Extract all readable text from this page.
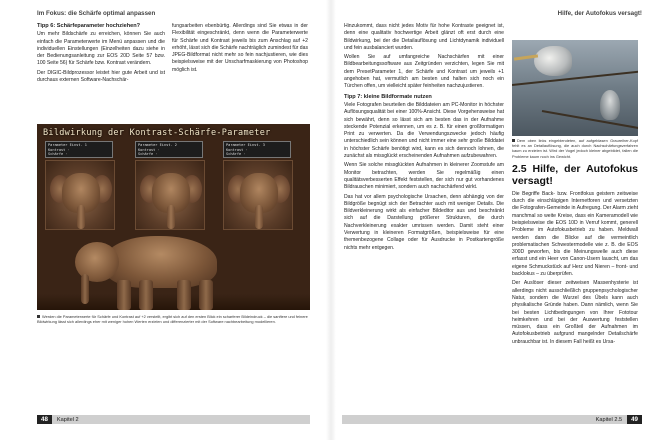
Im Fokus: die Schärfe optimal anpassen
Tipp 6: Schärfeparameter hochziehen?

Um mehr Bildschärfe zu erreichen, können Sie auch einfach die Parameterwerte im Menü anpassen und die individuellen Einstellungen (Einzelheiten dazu siehe in der Bedienungsanleitung zur EOS 20D Seite 57 bzw. 100 Seite 56) für Schärfe bzw. Kontrast verändern.

Der DIGIC-Bildprozessor leistet hier gute Arbeit und ist durchaus externen Software-Nachschär-

fungsarbeiten ebenbürtig. Allerdings sind Sie etwas in der Flexibilität eingeschränkt, denn wenn die Parameterwerte für Schärfe und Kontrast jeweils bis zum Anschlag auf +2 erhöht, lässt sich die Schärfe nachträglich zumindest für das JPEG-Bildformat nicht mehr so fein nachjustieren, wie dies beispielsweise mit der Unscharfmaskierung von Photoshop möglich ist.

Bildwirkung der Kontrast-Schärfe-Parameter
Parameter Einst. 1
Kontrast ·
Schärfe ·
Parameter Einst. 2
Kontrast ·
Schärfe ·
Parameter Einst. 3
Kontrast ·
Schärfe ·
Werden die Parameterwerte für Schärfe und Kontrast auf +2 verstellt, ergibt sich auf den ersten Blick ein scharferer Bildeindruck – die sanftere und feinere Bildwirkung lässt sich allerdings eher mit weniger hohen Werten erzielen und differenzierter mit der Software nachbearbeitung modellieren.
48	Kapitel 2
Hilfe, der Autofokus versagt!

Hinzukommt, dass nicht jedes Motiv für hohe Kontraste geeignet ist, denn eine qualitativ hochwertige Arbeit glänzt oft erst durch eine Bildwirkung, bei der die Detailauflösung und Lichtdynamik individuell und fein ausbalanciert wurden.

Wollen Sie auf umfangreiche Nachschärfen mit einer Bildbearbeitungssoftware aus Zeitgründen verzichten, legen Sie mit dem PresetParameter 1, der Schärfe und Kontrast um jeweils +1 angehoben hat, vermutlich am besten und halten sich noch ein Türchen offen, um vielleicht später feinheiten nachzujustieren.

Tipp 7: kleine Bildformate nutzen

Viele Fotografen beurteilen die Bilddateien am PC-Monitor in höchster Auflösungsqualität bei einer 100%-Ansicht. Diese Vorgehensweise hat sich bewährt, denn so lässt sich am besten das in der Aufnahme steckende Potenzial erkennen, um es z. B. für einen großformatigen Print zu verwerten. Da die Verwendungszwecke jedoch häufig unterschiedlich sein können und nicht immer eine sehr große Bilddatei in höchster Schärfe benötigt wird, kann es sich dennoch lohnen, die zunächst als missglückt erscheinenden Aufnahmen aufzubewahren.

Wenn Sie solche missglückten Aufnahmen in kleinerer Zoomstufe am Monitor betrachten, werden Sie regelmäßig einen qualitätsverbesserten Effekt feststellen, der sich nur gut vorhandenes Bildrauschen minimiert, sondern auch nachschärfend wirkt.

Das hat vor allem psychologische Ursachen, denn abhängig von der Bildgröße begnügt sich der Betrachter auch mit weniger Details. Die Bildverkleinerung wirkt als einfacher Bildeditor aus und beschränkt sich auf die Darstellung größerer Strukturen, die durch Nachverkleinerung exakter umrissen werden. Damit steht einer Verwertung in kleineren Formatgrößen, beispielsweise für eine themenbezogene Collage oder für Ausdrucke in Postkartengröße nichts mehr entgegen.

Dem oben links eingeblendeten, auf aufgeblasen Graureiher-Kopf fehlt es an Detailauflösung, die auch durch Nachschärfungsverfahren kaum zu erzielen ist. Wird der Vogel jedoch kleiner abgebildet, fallen die Probleme kaum noch ins Gewicht.
2.5 Hilfe, der Autofokus versagt!

Die Begriffe Back- bzw. Frontfokus geistern zeitweise durch die einschlägigen Internetforen und versetzten die Fotografen-Gemeinde in Aufregung. Der Alarm zieht manchmal so weite Kreise, dass ein Kameramodell wie beispielsweise die EOS 10D in Verruf kommt, generell Probleme im Autofokusbetrieb zu haben. Meldwall werden dann die Blicke auf die vermeintlich problematischen Schwestermodelle wie z. B. die EOS 300D geworfen, bis die Meinungswelle auch diese erfasst und ein Heer von Canon-Usern lauscht, um das eigene Schmuckstück auf Herz und Nieren – front- und backlokus – zu überprüfen.

Der Auslöser dieser zeitweisen Massenhysterie ist allerdings nicht ausschließlich gruppenpsychologischer Natur, sondern die Wurzel des Übels kann auch physikalische Gründe haben. Dann nämlich, wenn Sie bei besten Lichtbedingungen von Ihrer Fototour heimkehren und bei der Auswertung feststellen müssen, dass ein Großteil der Aufnahmen im Autofokusbetrieb aufgrund mangelnder Detailschärfe unbrauchbar ist. In diesem Fall heißt es Ursa-

Kapitel 2.5	49
